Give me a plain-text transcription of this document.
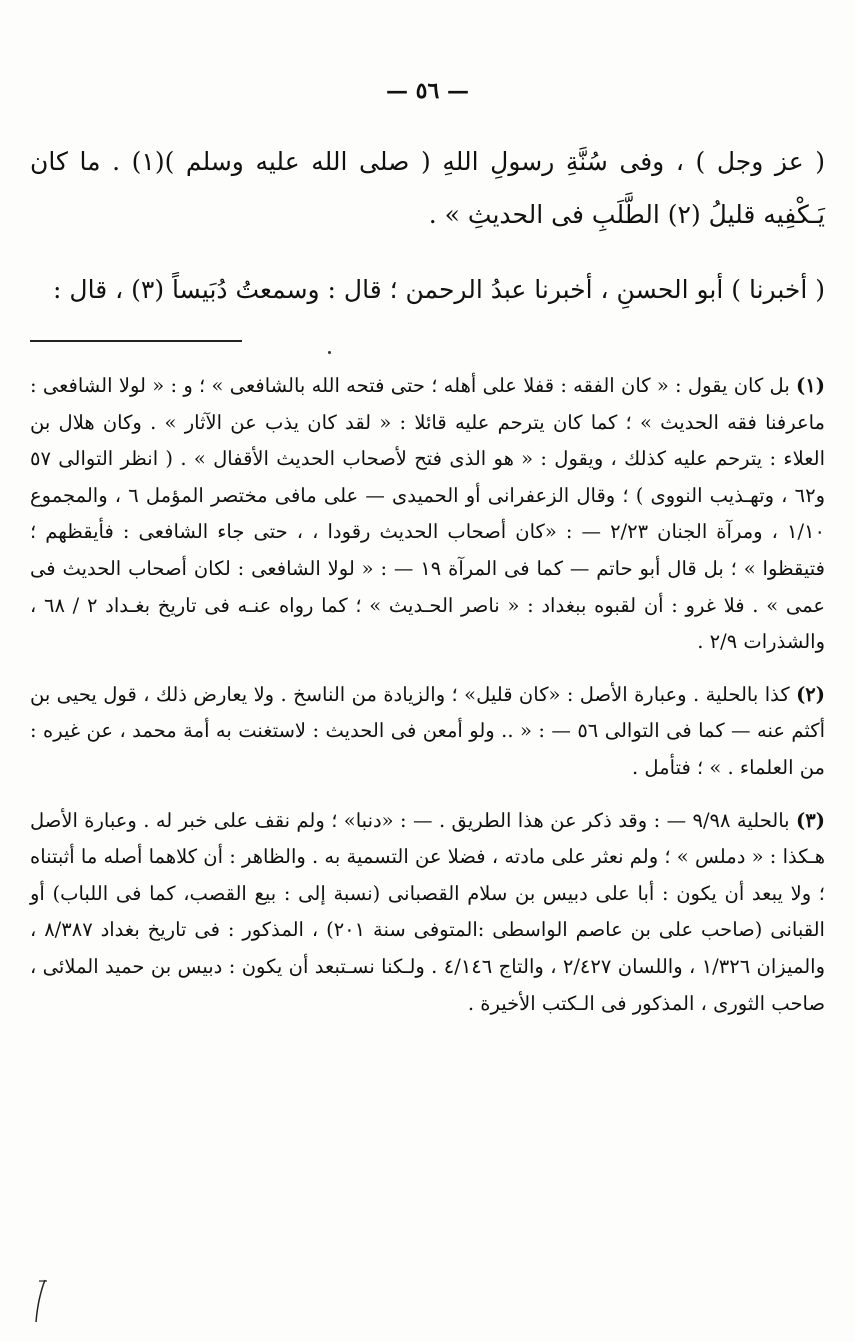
— ٥٦ —

( عز وجل ) ، وفى سُنَّةِ رسولِ اللهِ ( صلى الله عليه وسلم )(١) . ما كان يَـكْفِيه قليلُ (٢) الطَّلَبِ فى الحديثِ » .

( أخبرنا ) أبو الحسنِ ، أخبرنا عبدُ الرحمن ؛ قال : وسمعتُ دُبَيساً (٣) ، قال :

(١) بل كان يقول : « كان الفقه : قفلا على أهله ؛ حتى فتحه الله بالشافعى » ؛ و : « لولا الشافعى : ماعرفنا فقه الحديث » ؛ كما كان يترحم عليه قائلا : « لقد كان يذب عن الآثار » . وكان هلال بن العلاء : يترحم عليه كذلك ، ويقول : « هو الذى فتح لأصحاب الحديث الأقفال » . ( انظر التوالى ٥٧ و٦٢ ، وتهـذيب النووى ) ؛ وقال الزعفرانى أو الحميدى — على مافى مختصر المؤمل ٦ ، والمجموع ١/١٠ ، ومرآة الجنان ٢/٢٣ — : «كان أصحاب الحديث رقودا ، ، حتى جاء الشافعى : فأيقظهم ؛ فتيقظوا » ؛ بل قال أبو حاتم — كما فى المرآة ١٩ — : « لولا الشافعى : لكان أصحاب الحديث فى عمى » . فلا غرو : أن لقبوه ببغداد : « ناصر الحـديث » ؛ كما رواه عنـه فى تاريخ بغـداد ٢ / ٦٨ ، والشذرات ٢/٩ .

(٢) كذا بالحلية . وعبارة الأصل : «كان قليل» ؛ والزيادة من الناسخ . ولا يعارض ذلك ، قول يحيى بن أكثم عنه — كما فى التوالى ٥٦ — : « .. ولو أمعن فى الحديث : لاستغنت به أمة محمد ، عن غيره : من العلماء . » ؛ فتأمل .

(٣) بالحلية ٩/٩٨ — : وقد ذكر عن هذا الطريق . — : «دنبا» ؛ ولم نقف على خبر له . وعبارة الأصل هـكذا : « دملس » ؛ ولم نعثر على مادته ، فضلا عن التسمية به . والظاهر : أن كلاهما أصله ما أثبتناه ؛ ولا يبعد أن يكون : أبا على دبيس بن سلام القصبانى (نسبة إلى : بيع القصب، كما فى اللباب) أو القبانى (صاحب على بن عاصم الواسطى :المتوفى سنة ٢٠١) ، المذكور : فى تاريخ بغداد ٨/٣٨٧ ، والميزان ١/٣٢٦ ، واللسان ٢/٤٢٧ ، والتاج ٤/١٤٦ . ولـكنا نسـتبعد أن يكون : دبيس بن حميد الملائى ، صاحب الثورى ، المذكور فى الـكتب الأخيرة .
